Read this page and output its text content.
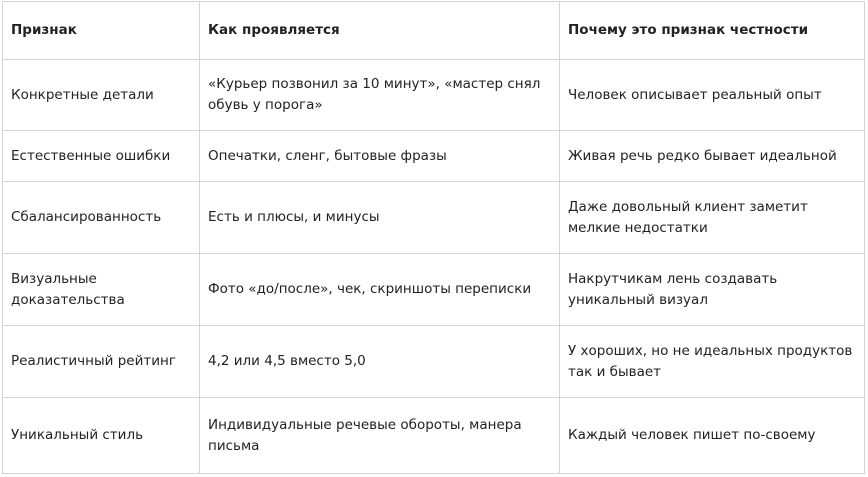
Признак	Как проявляется	Почему это признак честности
Конкретные детали	«Курьер позвонил за 10 минут», «мастер снял обувь у порога»	Человек описывает реальный опыт
Естественные ошибки	Опечатки, сленг, бытовые фразы	Живая речь редко бывает идеальной
Сбалансированность	Есть и плюсы, и минусы	Даже довольный клиент заметит мелкие недостатки
Визуальные доказательства	Фото «до/после», чек, скриншоты переписки	Накрутчикам лень создавать уникальный визуал
Реалистичный рейтинг	4,2 или 4,5 вместо 5,0	У хороших, но не идеальных продуктов так и бывает
Уникальный стиль	Индивидуальные речевые обороты, манера письма	Каждый человек пишет по-своему
